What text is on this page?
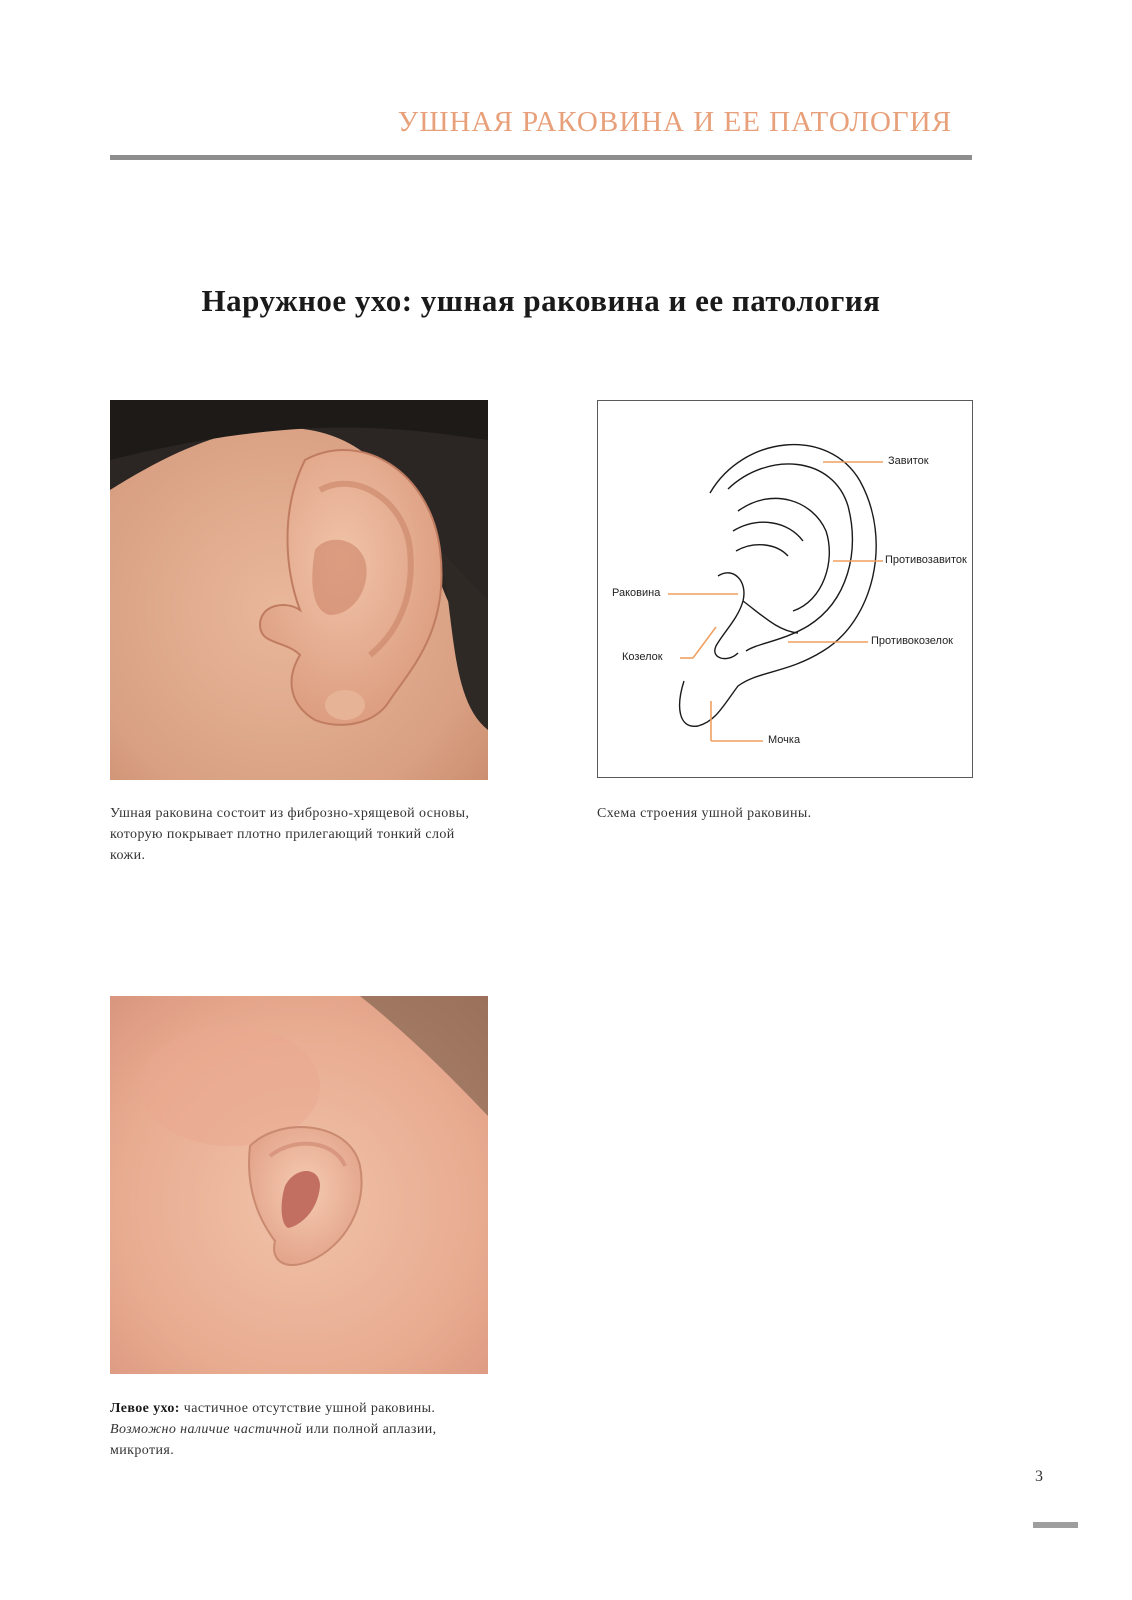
УШНАЯ РАКОВИНА И ЕЕ ПАТОЛОГИЯ
Наружное ухо: ушная раковина и ее патология
Завиток
Противозавиток
Раковина
Козелок
Противокозелок
Мочка
Ушная раковина состоит из фиброзно-хрящевой основы, которую покрывает плотно прилегающий тонкий слой кожи.
Схема строения ушной раковины.
Левое ухо: частичное отсутствие ушной раковины. Возможно наличие частичной или полной аплазии, микротия.
3
